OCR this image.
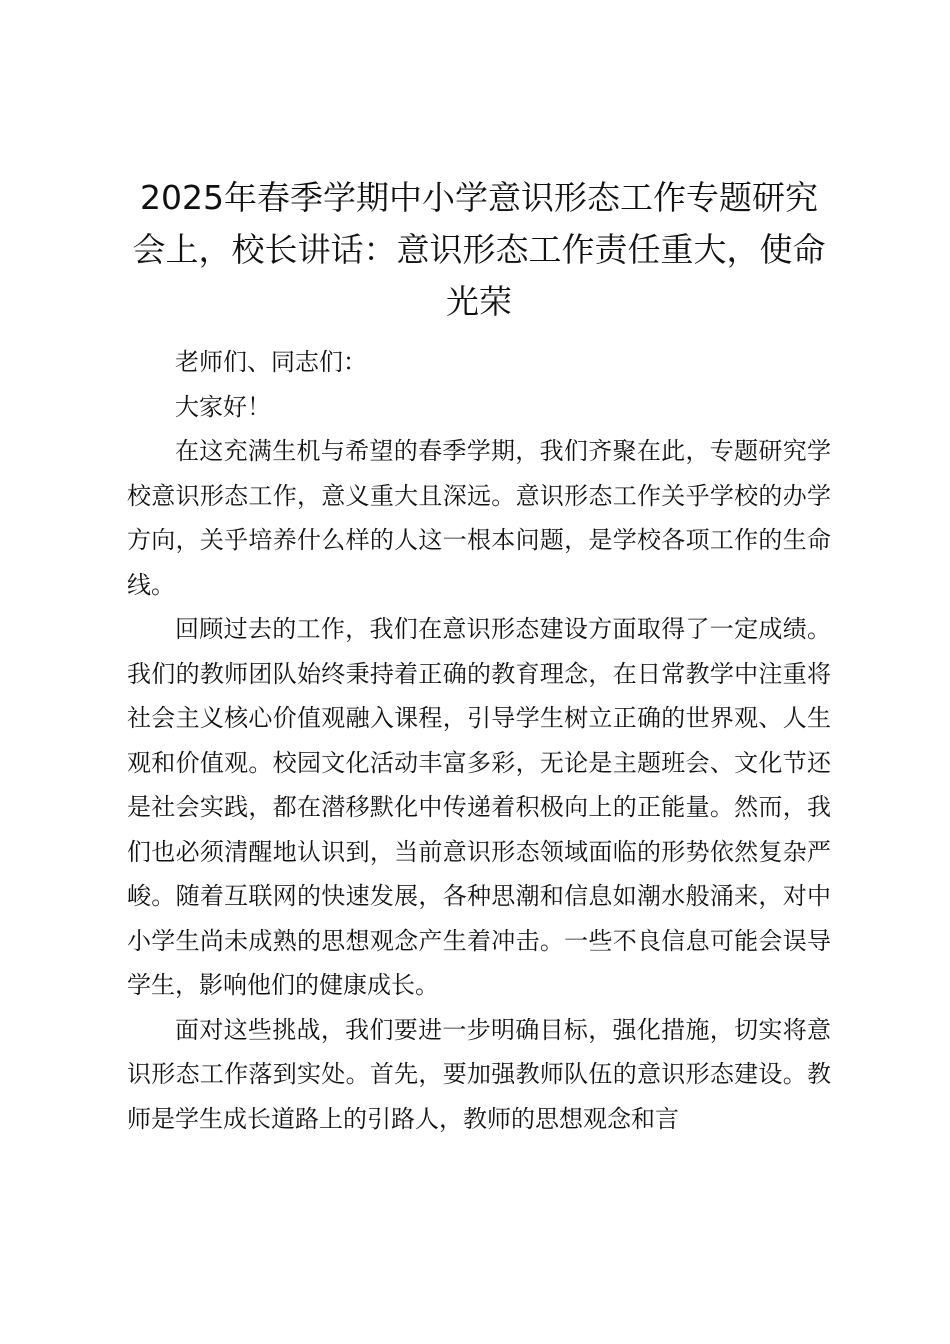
2025年春季学期中小学意识形态工作专题研究会上，校长讲话：意识形态工作责任重大，使命光荣

老师们、同志们：

大家好！

在这充满生机与希望的春季学期，我们齐聚在此，专题研究学校意识形态工作，意义重大且深远。意识形态工作关乎学校的办学方向，关乎培养什么样的人这一根本问题，是学校各项工作的生命线。

回顾过去的工作，我们在意识形态建设方面取得了一定成绩。我们的教师团队始终秉持着正确的教育理念，在日常教学中注重将社会主义核心价值观融入课程，引导学生树立正确的世界观、人生观和价值观。校园文化活动丰富多彩，无论是主题班会、文化节还是社会实践，都在潜移默化中传递着积极向上的正能量。然而，我们也必须清醒地认识到，当前意识形态领域面临的形势依然复杂严峻。随着互联网的快速发展，各种思潮和信息如潮水般涌来，对中小学生尚未成熟的思想观念产生着冲击。一些不良信息可能会误导学生，影响他们的健康成长。

面对这些挑战，我们要进一步明确目标，强化措施，切实将意识形态工作落到实处。首先，要加强教师队伍的意识形态建设。教师是学生成长道路上的引路人，教师的思想观念和言
